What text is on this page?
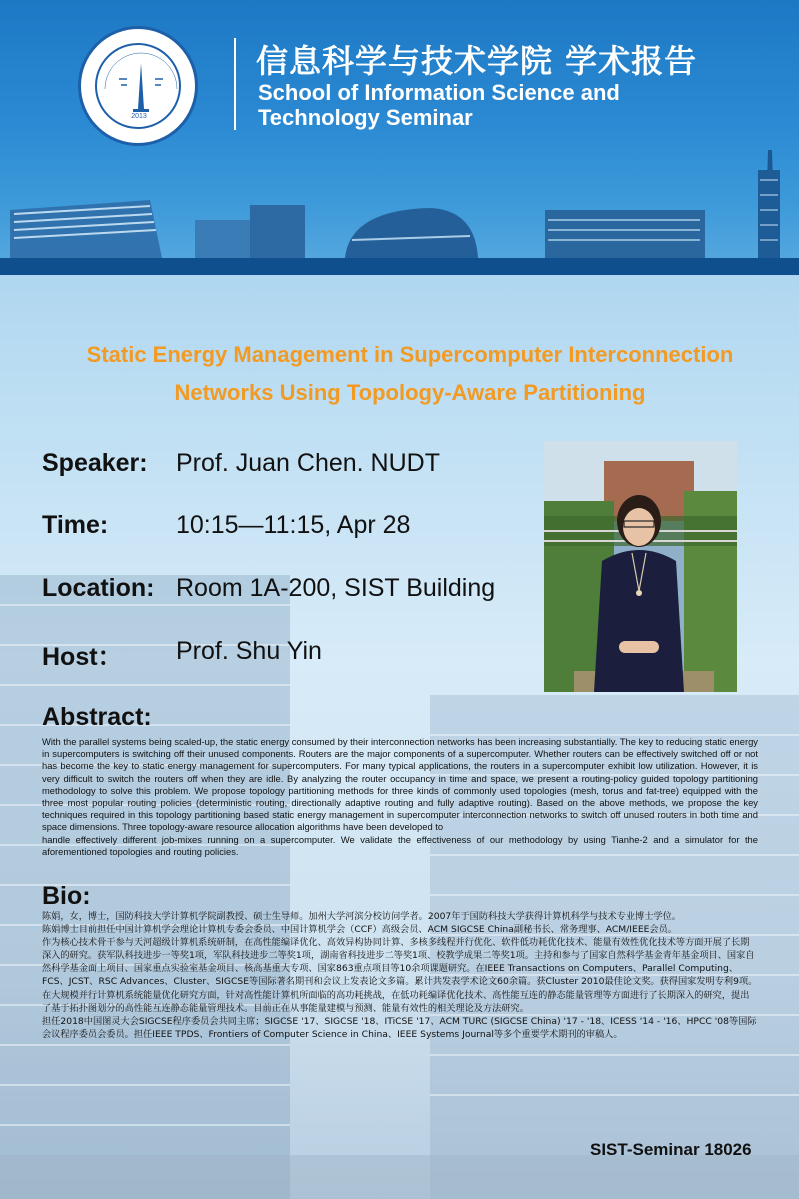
2013
信息科学与技术学院 学术报告
School of Information Science and
Technology Seminar
Static Energy Management in Supercomputer Interconnection
Networks Using Topology-Aware Partitioning
Speaker: Prof. Juan Chen. NUDT
Time:	10:15—11:15, Apr 28
Location: Room 1A-200, SIST Building
Host： Prof. Shu Yin
Abstract:

With the parallel systems being scaled-up, the static energy consumed by their interconnection networks has been increasing substantially. The key to reducing static energy in supercomputers is switching off their unused components. Routers are the major components of a supercomputer. Whether routers can be effectively switched off or not has become the key to static energy management for supercomputers. For many typical applications, the routers in a supercomputer exhibit low utilization. However, it is very difficult to switch the routers off when they are idle. By analyzing the router occupancy in time and space, we present a routing-policy guided topology partitioning methodology to solve this problem. We propose topology partitioning methods for three kinds of commonly used topologies (mesh, torus and fat-tree) equipped with the three most popular routing policies (deterministic routing, directionally adaptive routing and fully adaptive routing). Based on the above methods, we propose the key techniques required in this topology partitioning based static energy management in supercomputer interconnection networks to switch off unused routers in both time and space dimensions. Three topology-aware resource allocation algorithms have been developed to

handle effectively different job-mixes running on a supercomputer. We validate the effectiveness of our methodology by using Tianhe-2 and a simulator for the aforementioned topologies and routing policies.

Bio:

陈娟，女，博士，国防科技大学计算机学院副教授、硕士生导师。加州大学河滨分校访问学者。2007年于国防科技大学获得计算机科学与技术专业博士学位。

陈娟博士目前担任中国计算机学会理论计算机专委会委员、中国计算机学会（CCF）高级会员、ACM SIGCSE China副秘书长、常务理事、ACM/IEEE会员。

作为核心技术骨干参与天河超级计算机系统研制，在高性能编译优化、高效异构协同计算、多核多线程并行优化、软件低功耗优化技术、能量有效性优化技术等方面开展了长期深入的研究。获军队科技进步一等奖1项，军队科技进步二等奖1项，湖南省科技进步二等奖1项、校教学成果二等奖1项。主持和参与了国家自然科学基金青年基金项目、国家自然科学基金面上项目、国家重点实验室基金项目、核高基重大专项、国家863重点项目等10余项课题研究。在IEEE Transactions on Computers、Parallel Computing、FCS、JCST、RSC Advances、Cluster、SIGCSE等国际著名期刊和会议上发表论文多篇。累计共发表学术论文60余篇。获Cluster 2010最佳论文奖。获得国家发明专利9项。

在大规模并行计算机系统能量优化研究方面，针对高性能计算机所面临的高功耗挑战，在低功耗编译优化技术、高性能互连的静态能量管理等方面进行了长期深入的研究，提出了基于拓扑图划分的高性能互连静态能量管理技术。目前正在从事能量建模与预测、能量有效性的相关理论及方法研究。

担任2018中国图灵大会SIGCSE程序委员会共同主席；SIGCSE '17、SIGCSE '18、ITiCSE '17、ACM TURC (SIGCSE China) '17 - '18、ICESS '14 - '16、HPCC '08等国际会议程序委员会委员。担任IEEE TPDS、Frontiers of Computer Science in China、IEEE Systems Journal等多个重要学术期刊的审稿人。

SIST-Seminar 18026
